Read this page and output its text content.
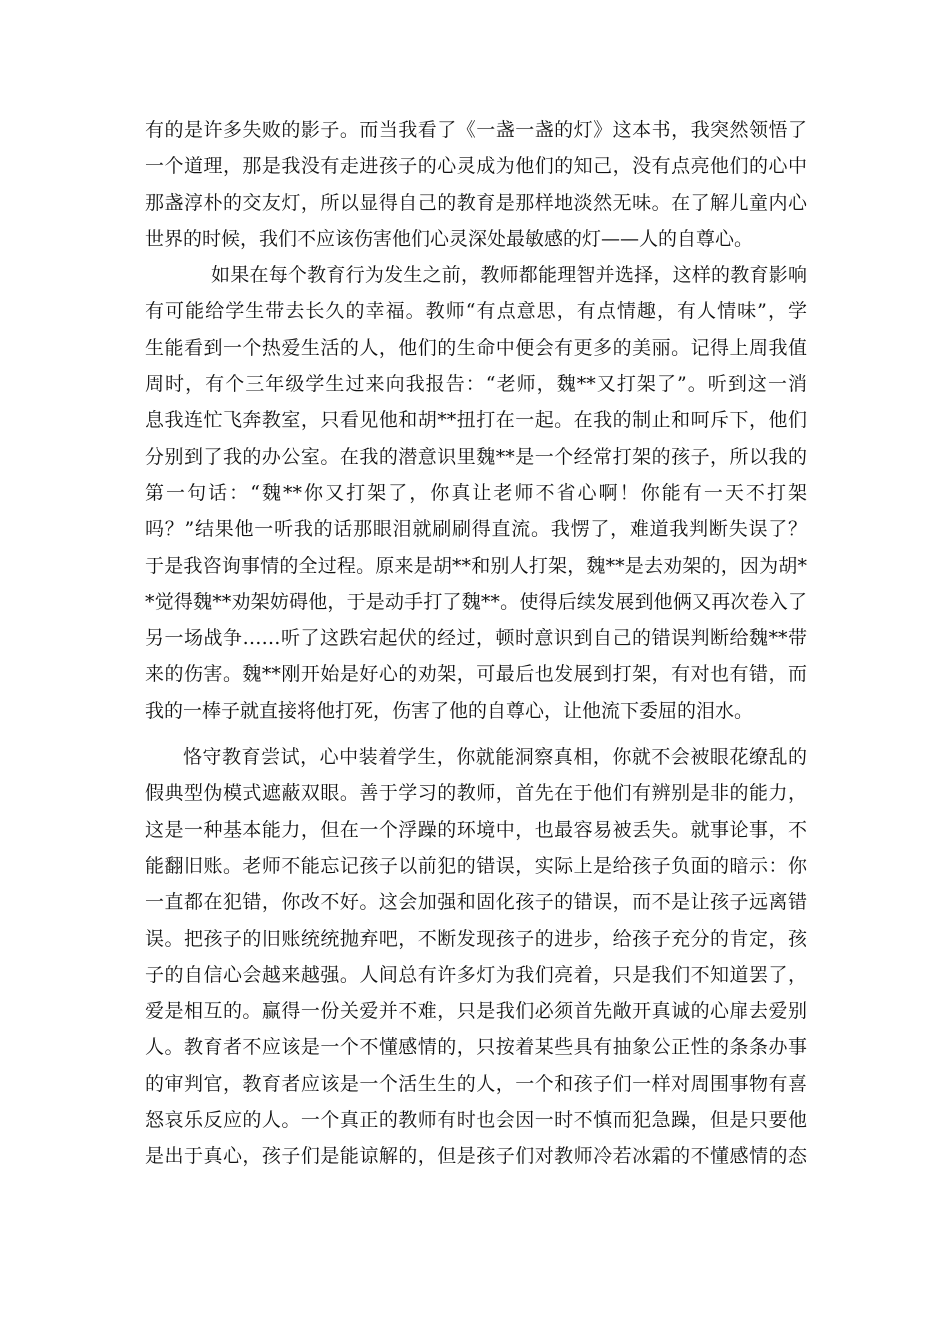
有的是许多失败的影子。而当我看了《一盏一盏的灯》这本书，我突然领悟了
一个道理，那是我没有走进孩子的心灵成为他们的知己，没有点亮他们的心中
那盏淳朴的交友灯，所以显得自己的教育是那样地淡然无味。在了解儿童内心
世界的时候，我们不应该伤害他们心灵深处最敏感的灯——人的自尊心。
如果在每个教育行为发生之前，教师都能理智并选择，这样的教育影响
有可能给学生带去长久的幸福。教师“有点意思，有点情趣，有人情味”，学
生能看到一个热爱生活的人，他们的生命中便会有更多的美丽。记得上周我值
周时，有个三年级学生过来向我报告：“老师，魏**又打架了”。听到这一消
息我连忙飞奔教室，只看见他和胡**扭打在一起。在我的制止和呵斥下，他们
分别到了我的办公室。在我的潜意识里魏**是一个经常打架的孩子，所以我的
第一句话：“魏**你又打架了，你真让老师不省心啊！你能有一天不打架
吗？”结果他一听我的话那眼泪就刷刷得直流。我愣了，难道我判断失误了？
于是我咨询事情的全过程。原来是胡**和别人打架，魏**是去劝架的，因为胡*
*觉得魏**劝架妨碍他，于是动手打了魏**。使得后续发展到他俩又再次卷入了
另一场战争……听了这跌宕起伏的经过，顿时意识到自己的错误判断给魏**带
来的伤害。魏**刚开始是好心的劝架，可最后也发展到打架，有对也有错，而
我的一棒子就直接将他打死，伤害了他的自尊心，让他流下委屈的泪水。
恪守教育尝试，心中装着学生，你就能洞察真相，你就不会被眼花缭乱的
假典型伪模式遮蔽双眼。善于学习的教师，首先在于他们有辨别是非的能力，
这是一种基本能力，但在一个浮躁的环境中，也最容易被丢失。就事论事，不
能翻旧账。老师不能忘记孩子以前犯的错误，实际上是给孩子负面的暗示：你
一直都在犯错，你改不好。这会加强和固化孩子的错误，而不是让孩子远离错
误。把孩子的旧账统统抛弃吧，不断发现孩子的进步，给孩子充分的肯定，孩
子的自信心会越来越强。人间总有许多灯为我们亮着，只是我们不知道罢了，
爱是相互的。赢得一份关爱并不难，只是我们必须首先敞开真诚的心扉去爱别
人。教育者不应该是一个不懂感情的，只按着某些具有抽象公正性的条条办事
的审判官，教育者应该是一个活生生的人，一个和孩子们一样对周围事物有喜
怒哀乐反应的人。一个真正的教师有时也会因一时不慎而犯急躁，但是只要他
是出于真心，孩子们是能谅解的，但是孩子们对教师冷若冰霜的不懂感情的态
